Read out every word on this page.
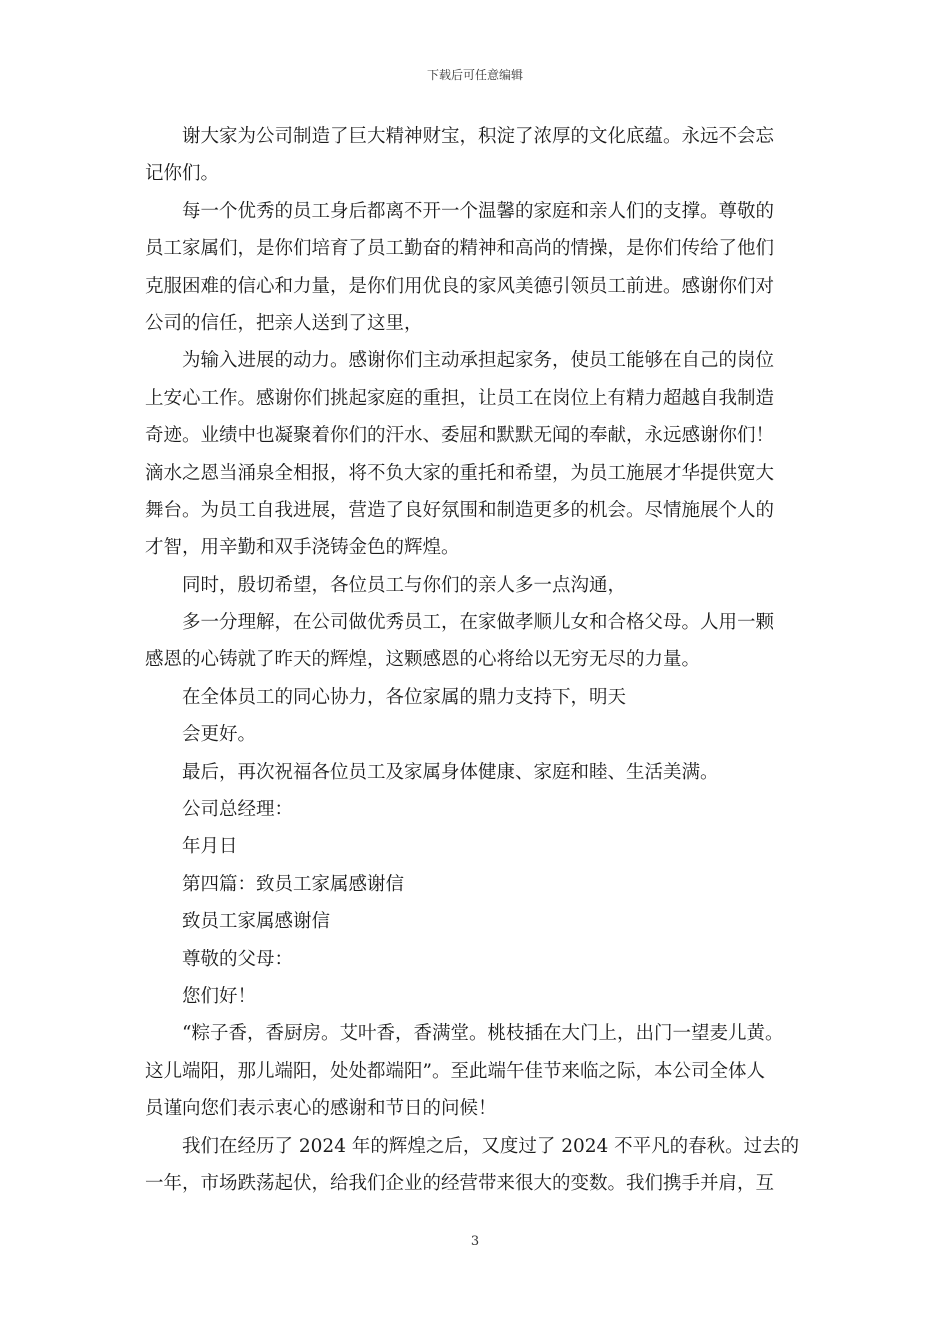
下载后可任意编辑
谢大家为公司制造了巨大精神财宝，积淀了浓厚的文化底蕴。永远不会忘
记你们。
每一个优秀的员工身后都离不开一个温馨的家庭和亲人们的支撑。尊敬的
员工家属们，是你们培育了员工勤奋的精神和高尚的情操，是你们传给了他们
克服困难的信心和力量，是你们用优良的家风美德引领员工前进。感谢你们对
公司的信任，把亲人送到了这里，
为输入进展的动力。感谢你们主动承担起家务，使员工能够在自己的岗位
上安心工作。感谢你们挑起家庭的重担，让员工在岗位上有精力超越自我制造
奇迹。业绩中也凝聚着你们的汗水、委屈和默默无闻的奉献，永远感谢你们！
滴水之恩当涌泉全相报，将不负大家的重托和希望，为员工施展才华提供宽大
舞台。为员工自我进展，营造了良好氛围和制造更多的机会。尽情施展个人的
才智，用辛勤和双手浇铸金色的辉煌。
同时，殷切希望，各位员工与你们的亲人多一点沟通，
多一分理解，在公司做优秀员工，在家做孝顺儿女和合格父母。人用一颗
感恩的心铸就了昨天的辉煌，这颗感恩的心将给以无穷无尽的力量。
在全体员工的同心协力，各位家属的鼎力支持下，明天
会更好。
最后，再次祝福各位员工及家属身体健康、家庭和睦、生活美满。
公司总经理：
年月日
第四篇：致员工家属感谢信
致员工家属感谢信
尊敬的父母：
您们好！
“粽子香，香厨房。艾叶香，香满堂。桃枝插在大门上，出门一望麦儿黄。
这儿端阳，那儿端阳，处处都端阳”。至此端午佳节来临之际，本公司全体人
员谨向您们表示衷心的感谢和节日的问候！
我们在经历了 2024 年的辉煌之后，又度过了 2024 不平凡的春秋。过去的
一年，市场跌荡起伏，给我们企业的经营带来很大的变数。我们携手并肩，互
3
